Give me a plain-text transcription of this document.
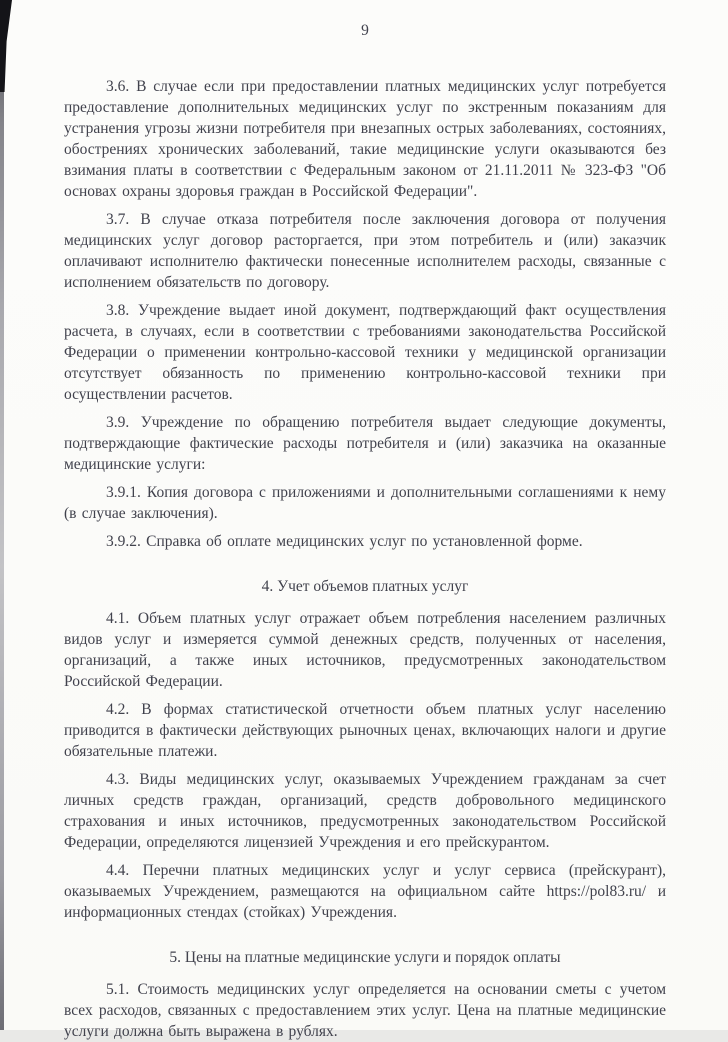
9

3.6. В случае если при предоставлении платных медицинских услуг потребуется предоставление дополнительных медицинских услуг по экстренным показаниям для устранения угрозы жизни потребителя при внезапных острых заболеваниях, состояниях, обострениях хронических заболеваний, такие медицинские услуги оказываются без взимания платы в соответствии с Федеральным законом от 21.11.2011 № 323-ФЗ "Об основах охраны здоровья граждан в Российской Федерации".

3.7. В случае отказа потребителя после заключения договора от получения медицинских услуг договор расторгается, при этом потребитель и (или) заказчик оплачивают исполнителю фактически понесенные исполнителем расходы, связанные с исполнением обязательств по договору.

3.8. Учреждение выдает иной документ, подтверждающий факт осуществления расчета, в случаях, если в соответствии с требованиями законодательства Российской Федерации о применении контрольно-кассовой техники у медицинской организации отсутствует обязанность по применению контрольно-кассовой техники при осуществлении расчетов.

3.9. Учреждение по обращению потребителя выдает следующие документы, подтверждающие фактические расходы потребителя и (или) заказчика на оказанные медицинские услуги:

3.9.1. Копия договора с приложениями и дополнительными соглашениями к нему (в случае заключения).

3.9.2. Справка об оплате медицинских услуг по установленной форме.

4. Учет объемов платных услуг

4.1. Объем платных услуг отражает объем потребления населением различных видов услуг и измеряется суммой денежных средств, полученных от населения, организаций, а также иных источников, предусмотренных законодательством Российской Федерации.

4.2. В формах статистической отчетности объем платных услуг населению приводится в фактически действующих рыночных ценах, включающих налоги и другие обязательные платежи.

4.3. Виды медицинских услуг, оказываемых Учреждением гражданам за счет личных средств граждан, организаций, средств добровольного медицинского страхования и иных источников, предусмотренных законодательством Российской Федерации, определяются лицензией Учреждения и его прейскурантом.

4.4. Перечни платных медицинских услуг и услуг сервиса (прейскурант), оказываемых Учреждением, размещаются на официальном сайте https://pol83.ru/ и информационных стендах (стойках) Учреждения.

5. Цены на платные медицинские услуги и порядок оплаты

5.1. Стоимость медицинских услуг определяется на основании сметы с учетом всех расходов, связанных с предоставлением этих услуг. Цена на платные медицинские услуги должна быть выражена в рублях.
